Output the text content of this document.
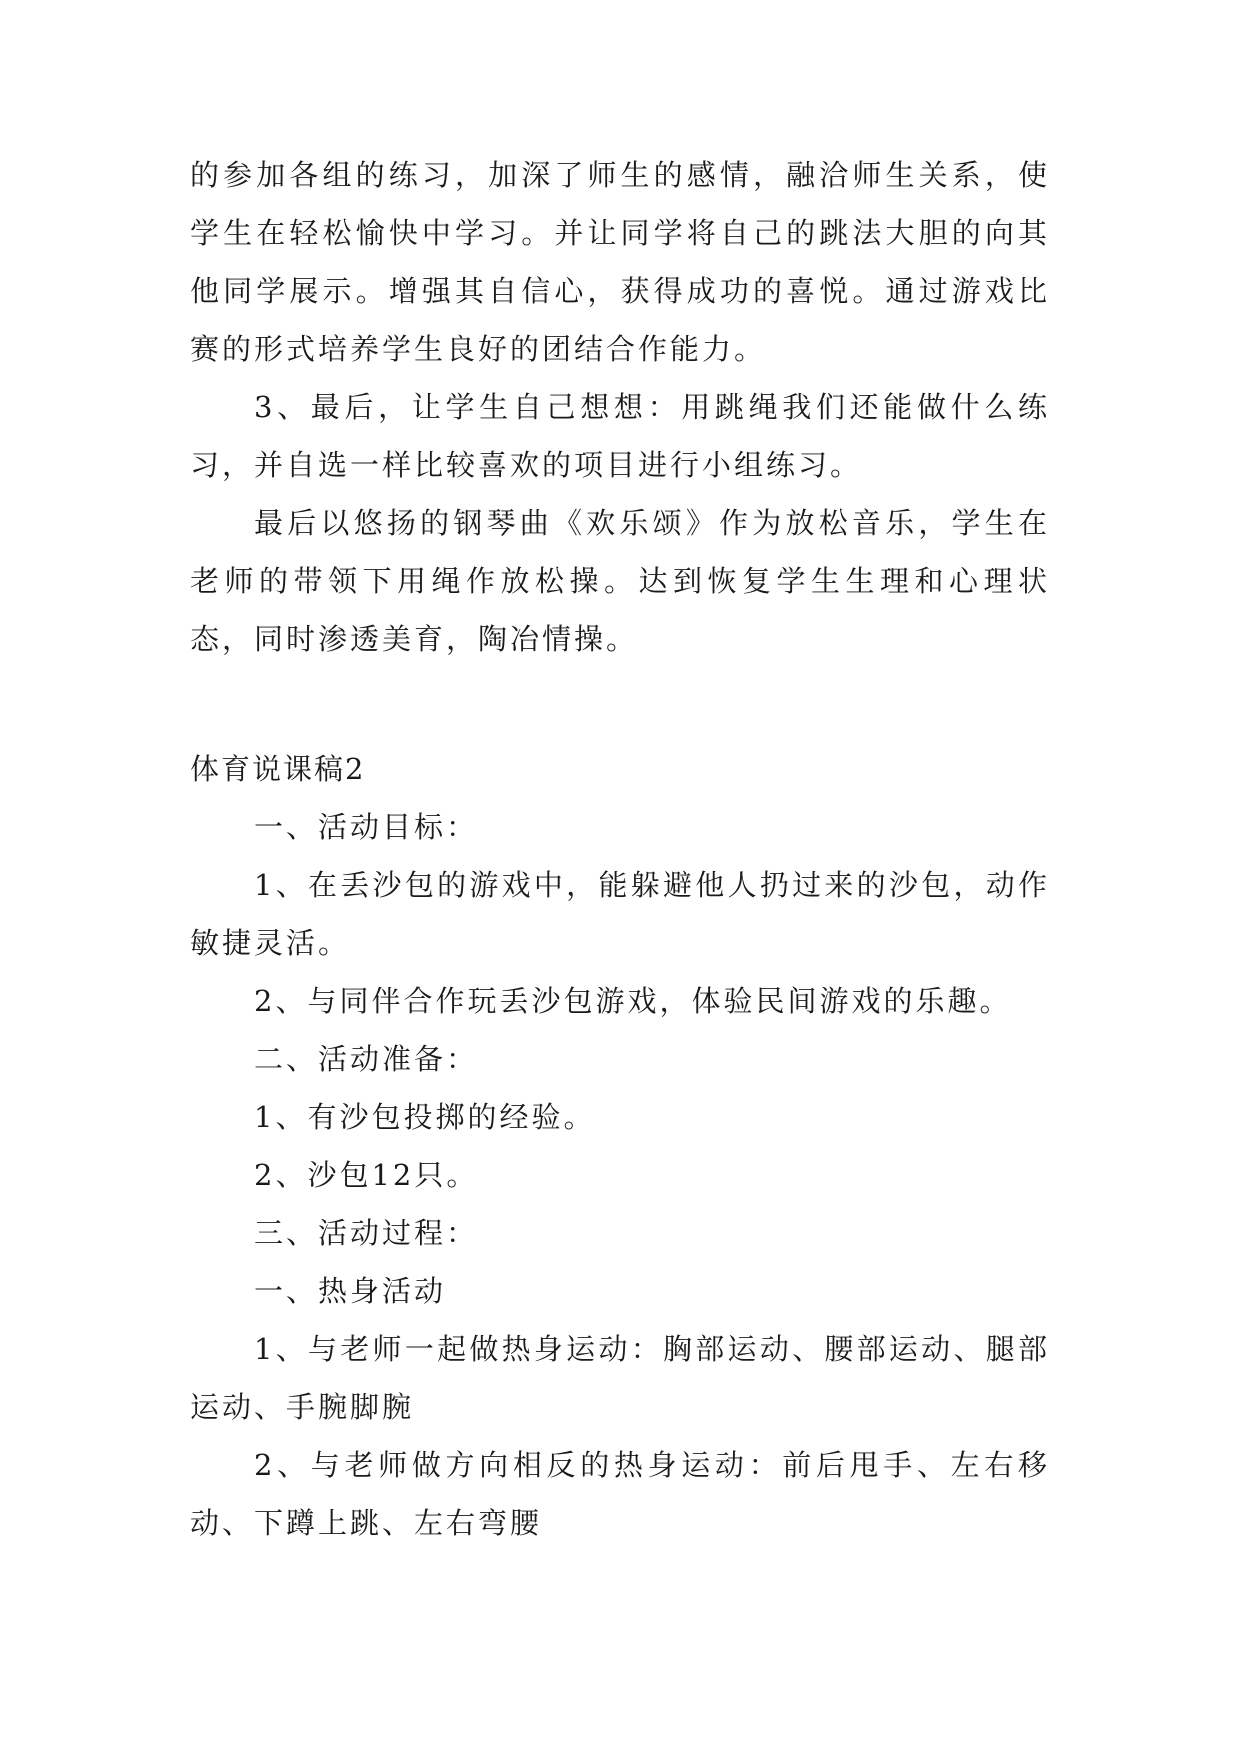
的参加各组的练习，加深了师生的感情，融洽师生关系，使学生在轻松愉快中学习。并让同学将自己的跳法大胆的向其他同学展示。增强其自信心，获得成功的喜悦。通过游戏比赛的形式培养学生良好的团结合作能力。

3、最后，让学生自己想想：用跳绳我们还能做什么练习，并自选一样比较喜欢的项目进行小组练习。

最后以悠扬的钢琴曲《欢乐颂》作为放松音乐，学生在老师的带领下用绳作放松操。达到恢复学生生理和心理状态，同时渗透美育，陶冶情操。

体育说课稿2

一、活动目标：

1、在丢沙包的游戏中，能躲避他人扔过来的沙包，动作敏捷灵活。

2、与同伴合作玩丢沙包游戏，体验民间游戏的乐趣。

二、活动准备：

1、有沙包投掷的经验。

2、沙包12只。

三、活动过程：

一、热身活动

1、与老师一起做热身运动：胸部运动、腰部运动、腿部运动、手腕脚腕

2、与老师做方向相反的热身运动：前后甩手、左右移动、下蹲上跳、左右弯腰
